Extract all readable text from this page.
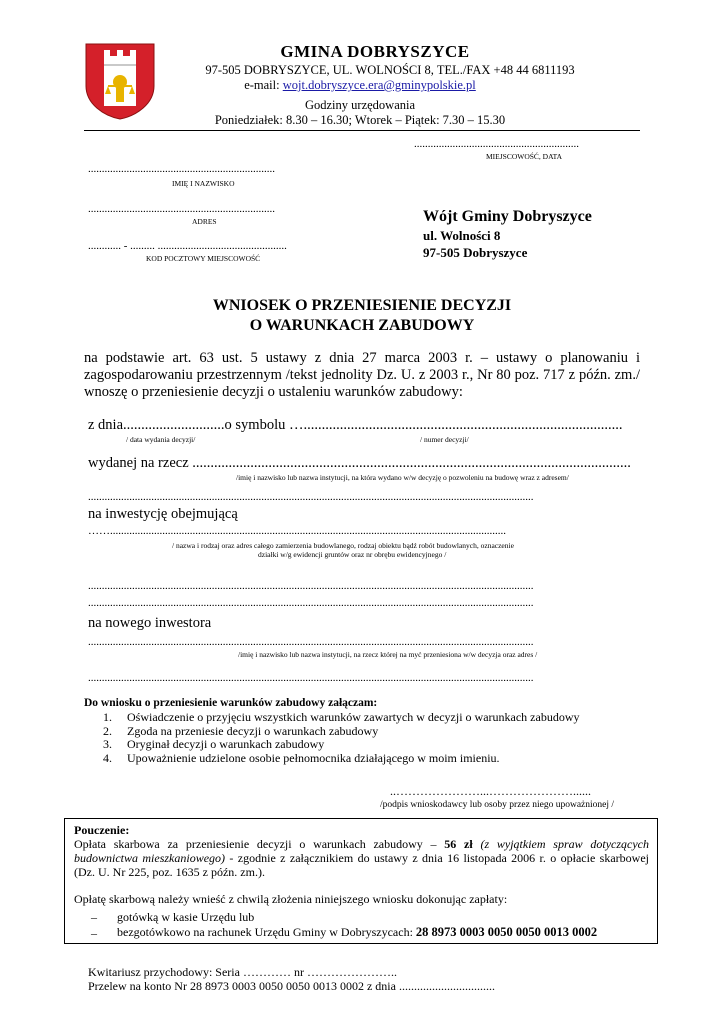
GMINA DOBRYSZYCE
97-505 DOBRYSZYCE, UL. WOLNOŚCI 8, TEL./FAX +48 44 6811193
e-mail: wojt.dobryszyce.era@gminypolskie.pl
Godziny urzędowania
Poniedziałek: 8.30 – 16.30; Wtorek – Piątek: 7.30 – 15.30
............................................................
MIEJSCOWOŚĆ, DATA
....................................................................
IMIĘ I NAZWISKO
....................................................................
ADRES
............ - ......... ...............................................
KOD POCZTOWY MIEJSCOWOŚĆ
Wójt Gminy Dobryszyce
ul. Wolności 8
97-505 Dobryszyce
WNIOSEK O PRZENIESIENIE DECYZJI
O WARUNKACH ZABUDOWY
na podstawie art. 63 ust. 5 ustawy z dnia 27 marca 2003 r. – ustawy o planowaniu i zagospodarowaniu przestrzennym /tekst jednolity Dz. U. z 2003 r., Nr 80 poz. 717 z późn. zm./ wnoszę o przeniesienie decyzji o ustaleniu warunków zabudowy:
z dnia............................o symbolu …........................................................................................
/ data wydania decyzji/	/ numer decyzji/
wydanej na rzecz .........................................................................................................................
/imię i nazwisko lub nazwa instytucji, na która wydano w/w decyzję o pozwoleniu na budowę wraz z adresem/
..................................................................................................................................................................
na inwestycję obejmującą
……................................................................................................................................................
/ nazwa i rodzaj oraz adres całego zamierzenia budowlanego, rodzaj obiektu bądź robót budowlanych, oznaczenie
działki w/g ewidencji gruntów oraz nr obrębu ewidencyjnego /
..................................................................................................................................................................
..................................................................................................................................................................
na nowego inwestora
..................................................................................................................................................................
/imię i nazwisko lub nazwa instytucji, na rzecz której na myć przeniesiona w/w decyzja oraz adres /
..................................................................................................................................................................
Do wniosku o przeniesienie warunków zabudowy załączam:
1. Oświadczenie o przyjęciu wszystkich warunków zawartych w decyzji o warunkach zabudowy
2. Zgoda na przeniesie decyzji o warunkach zabudowy
3. Oryginał decyzji o warunkach zabudowy
4. Upoważnienie udzielone osobie pełnomocnika działającego w moim imieniu.
..…………………...…………………......
/podpis wnioskodawcy lub osoby przez niego upoważnionej /
Pouczenie:
Opłata skarbowa za przeniesienie decyzji o warunkach zabudowy – 56 zł (z wyjątkiem spraw dotyczących budownictwa mieszkaniowego) - zgodnie z załącznikiem do ustawy z dnia 16 listopada 2006 r. o opłacie skarbowej (Dz. U. Nr 225, poz. 1635 z późn. zm.).
Opłatę skarbową należy wnieść z chwilą złożenia niniejszego wniosku dokonując zapłaty:
– gotówką w kasie Urzędu lub
– bezgotówkowo na rachunek Urzędu Gminy w Dobryszycach: 28 8973 0003 0050 0050 0013 0002
Kwitariusz przychodowy: Seria ………… nr …………………..
Przelew na konto Nr 28 8973 0003 0050 0050 0013 0002 z dnia ................................
